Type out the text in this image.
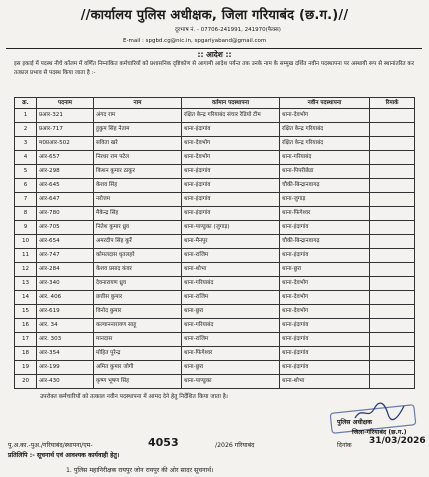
//कार्यालय पुलिस अधीक्षक, जिला गरियाबंद (छ.ग.)//
दूरभाष नं. - 07706-241991, 241970(फैक्स)
E-mail : spgbd.cg@nic.in, spgariyaband@gmail.com
:: आदेश ::
इस इकाई में पदस्थ नीचे कॉलम में वर्णित निम्नांकित कर्मचारियों को प्रशासनिक दृष्टिकोण से आगामी आदेश पर्यन्त तक उनके नाम के सम्मुख दर्शित नवीन पदस्थापना पर अस्थायी रूप से स्थानांतरित कर तत्काल प्रभाव से पदस्थ किया जाता है :-
क्र.	पदनाम	नाम	वर्तमान पदस्थापना	नवीन पदस्थापना	रिमार्क
1	प्रआर-321	अंगद राम	रक्षित केन्द्र गरियाबंद संचार रेडियो टीम	थाना-देवभोग	
2	प्रआर-717	हुकुम सिंह नेताम	थाना-इंदागांव	रक्षित केन्द्र गरियाबंद	
3	म0प्रआर-502	सविता खरे	थाना-देवभोग	रक्षित केन्द्र गरियाबंद	
4	आर-657	निरधर राम पटेल	थाना-देवभोग	थाना-गरियाबंद	
5	आर-298	किशन कुमार ठाकुर	थाना-इंदागांव	थाना-पिपरीछेडा	
6	आर-645	केशव सिंह	थाना-इंदागांव	चौकी-बिन्द्रानवागढ़	
7	आर-647	नरोत्तम	थाना-इंदागांव	थाना-जुगाड़	
8	आर-780	मैकेन्द्र सिंह	थाना-इंदागांव	थाना-फिंगेश्वर	
9	आर-705	नितेश कुमार ध्रुव	थाना-पाण्डुका (जुगाड़)	थाना-इंदागांव	
10	आर-654	अमरदीप सिंह कुर्रे	थाना-मैनपुर	चौकी-बिन्द्रानवागढ़	
11	आर-747	कोमलदास धृतलहरे	थाना-राजिम	थाना-इंदागांव	
12	आर-284	केशव प्रसाद कंवर	थाना-शोभा	थाना-छुरा	
13	आर-340	देवनारायण ध्रुव	थाना-गरियाबंद	थाना-देवभोग	
14	आर. 406	छत्तीस कुमार	थाना-राजिम	थाना-देवभोग	
15	आर-619	विनोद कुमार	थाना-छुरा	थाना-देवभोग	
16	आर. 34	कल्याननारायण साहू	थाना-गरियाबंद	थाना-इंदागांव	
17	आर. 303	मानदास	थाना-राजिम	थाना-इंदागांव	
18	आर-354	मोहित पुरेन्द्र	थाना-फिंगेश्वर	थाना-इंदागांव	
19	आर-199	अमित कुमार जोगी	थाना-छुरा	थाना-इंदागांव	
20	आर-430	कृष्ण भूषण सिंह	थाना-पाण्डुका	थाना-शोभा	
उपरोक्त कर्मचारियों को तत्काल नवीन पदस्थापना में आमद देने हेतु निर्देशित किया जाता है।
पुलिस अधीक्षक
जिला-गरियाबंद (छ.ग.)
पु.अ.का.-पुअ./गरियाबंद/स्थापना/एम-	4053	/2026 गरियाबंद	दिनांक 31/03/2026
प्रतिलिपि :- सूचनार्थ एवं आवश्यक कार्यवाही हेतु।
1. पुलिस महानिरीक्षक रायपुर जोन रायपुर की ओर सादर सूचनार्थ।
